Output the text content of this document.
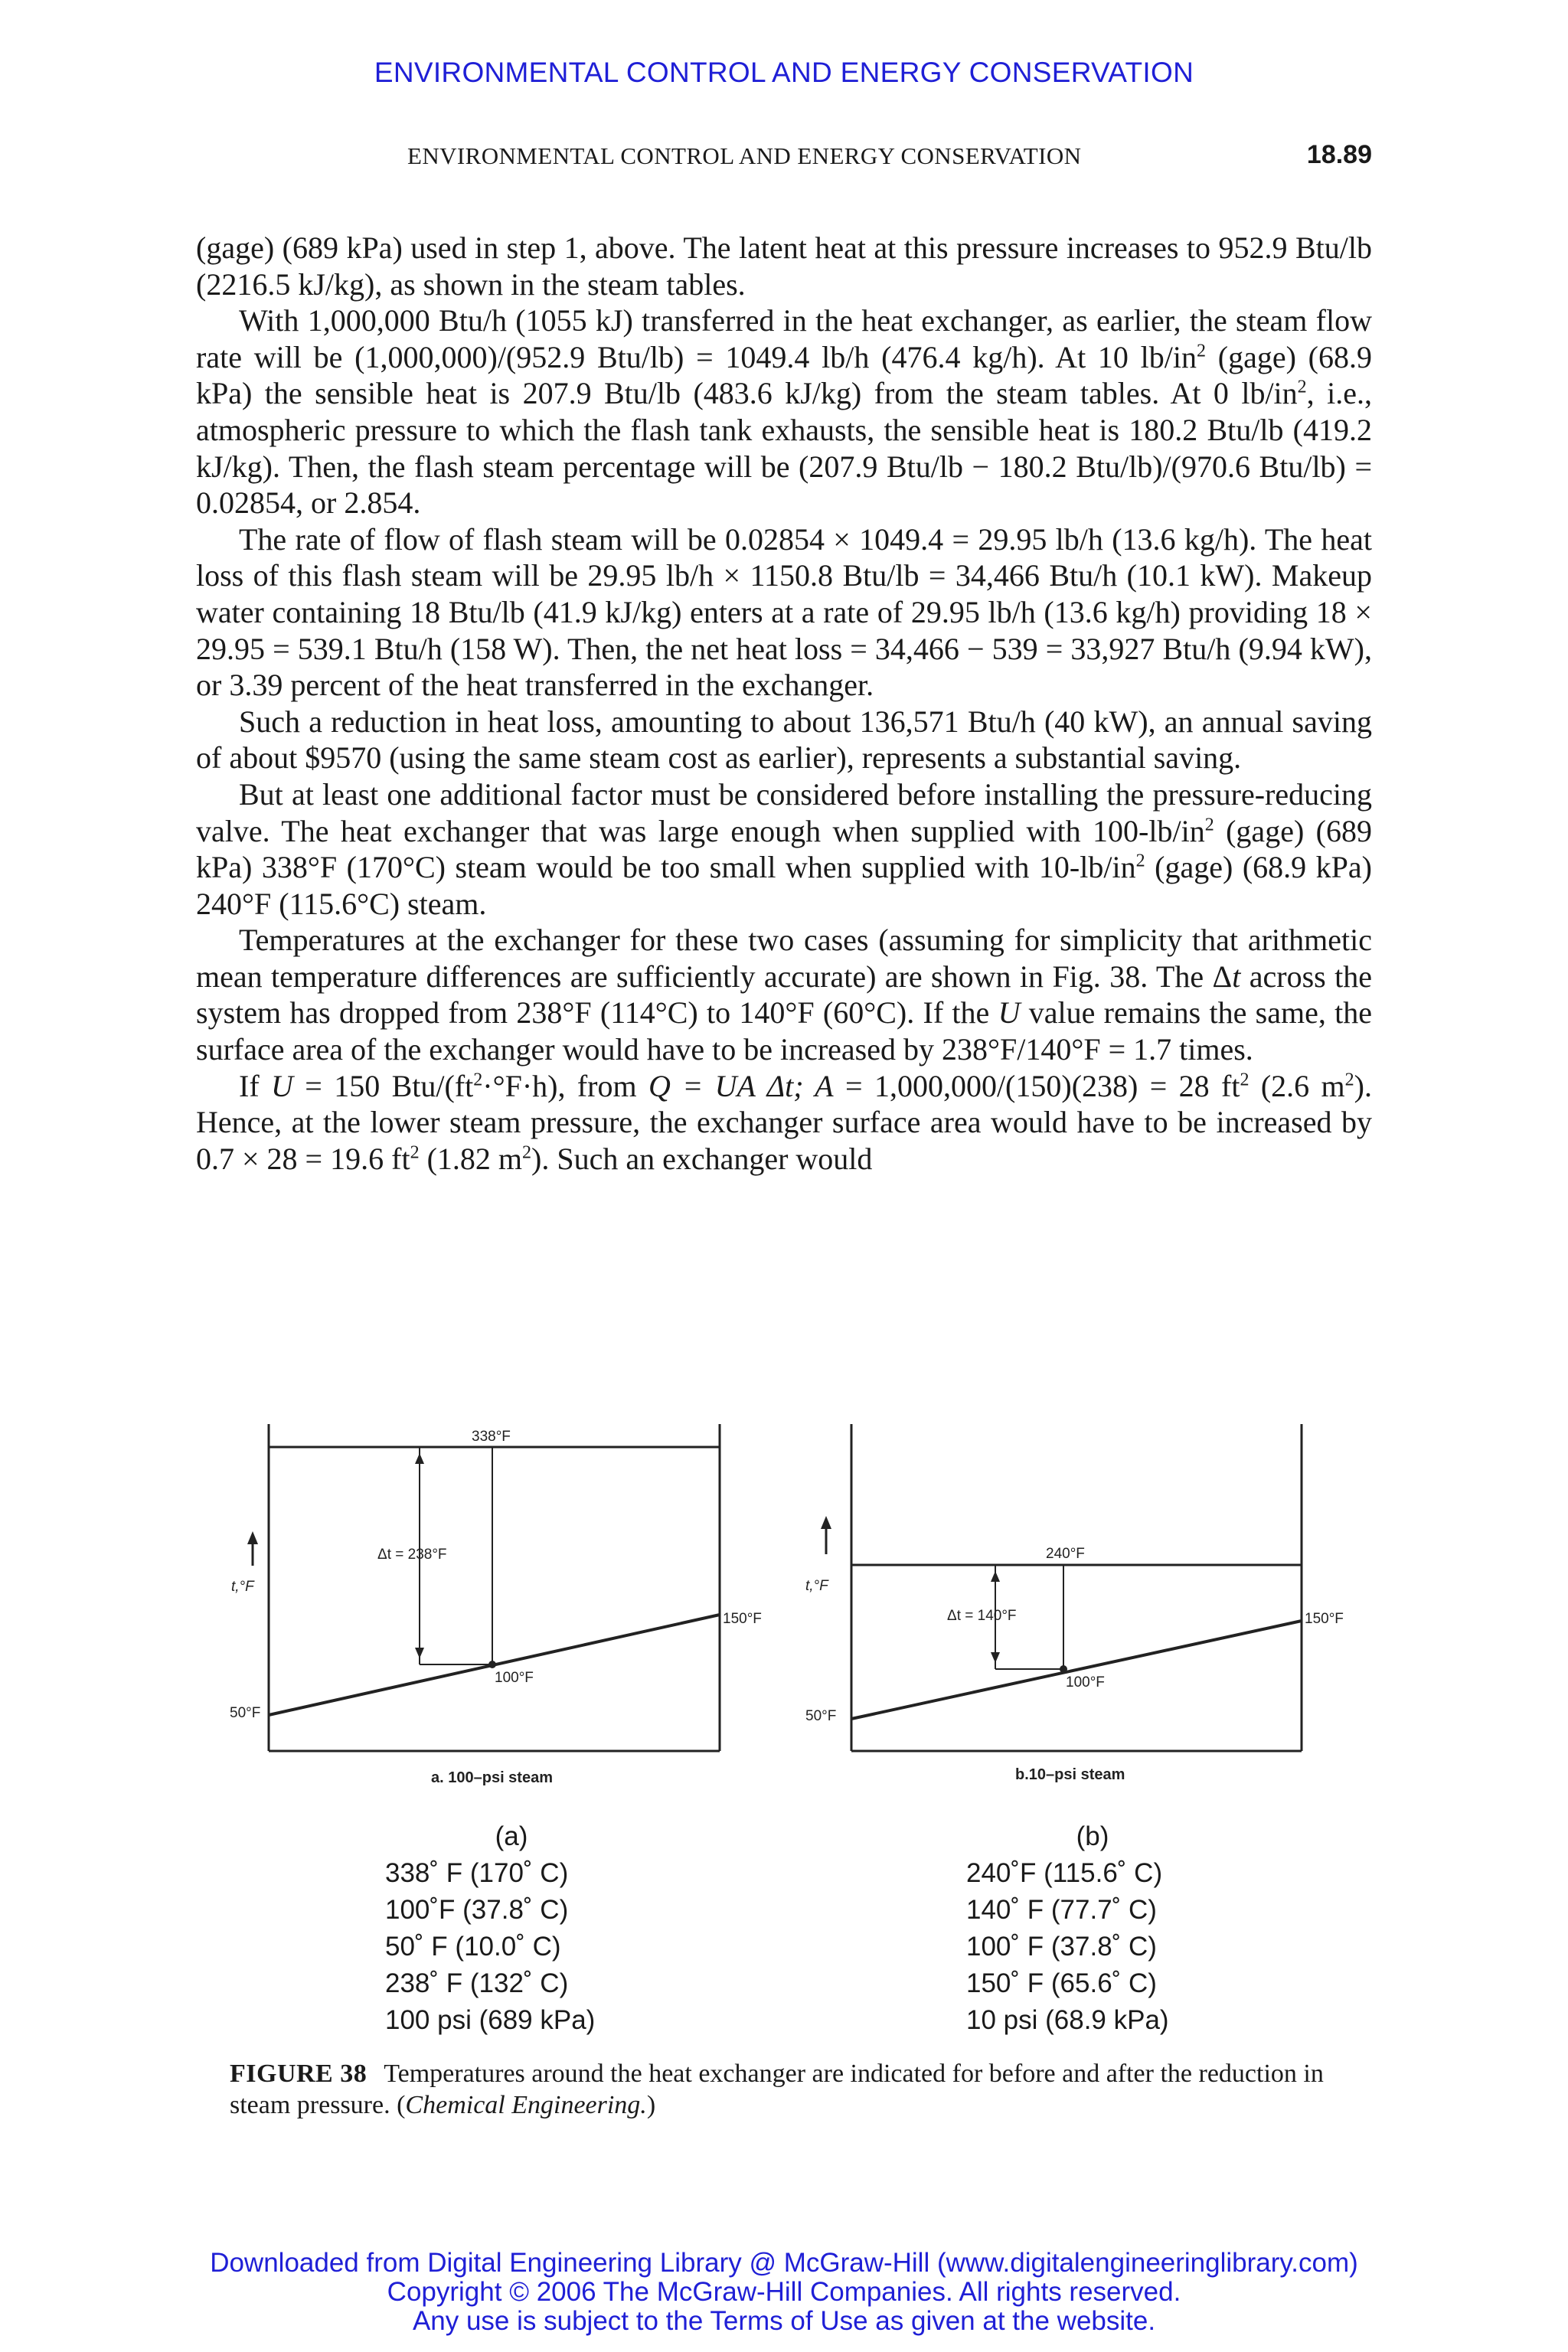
ENVIRONMENTAL CONTROL AND ENERGY CONSERVATION
ENVIRONMENTAL CONTROL AND ENERGY CONSERVATION	18.89

(gage) (689 kPa) used in step 1, above. The latent heat at this pressure increases to 952.9 Btu/lb (2216.5 kJ/kg), as shown in the steam tables.

With 1,000,000 Btu/h (1055 kJ) transferred in the heat exchanger, as earlier, the steam flow rate will be (1,000,000)/(952.9 Btu/lb) = 1049.4 lb/h (476.4 kg/h). At 10 $lb/in^2$ (gage) (68.9 kPa) the sensible heat is 207.9 Btu/lb (483.6 kJ/kg) from the steam tables. At 0 $lb/in^2$, i.e., atmospheric pressure to which the flash tank exhausts, the sensible heat is 180.2 Btu/lb (419.2 kJ/kg). Then, the flash steam percentage will be (207.9 Btu/lb − 180.2 Btu/lb)/(970.6 Btu/lb) = 0.02854, or 2.854.

The rate of flow of flash steam will be 0.02854 × 1049.4 = 29.95 lb/h (13.6 kg/h). The heat loss of this flash steam will be 29.95 lb/h × 1150.8 Btu/lb = 34,466 Btu/h (10.1 kW). Makeup water containing 18 Btu/lb (41.9 kJ/kg) enters at a rate of 29.95 lb/h (13.6 kg/h) providing 18 × 29.95 = 539.1 Btu/h (158 W). Then, the net heat loss = 34,466 − 539 = 33,927 Btu/h (9.94 kW), or 3.39 percent of the heat transferred in the exchanger.

Such a reduction in heat loss, amounting to about 136,571 Btu/h (40 kW), an annual saving of about $9570 (using the same steam cost as earlier), represents a substantial saving.

But at least one additional factor must be considered before installing the pressure-reducing valve. The heat exchanger that was large enough when supplied with $100-lb/in^2$ (gage) (689 kPa) 338°F (170°C) steam would be too small when supplied with $10-lb/in^2$ (gage) (68.9 kPa) 240°F (115.6°C) steam.

Temperatures at the exchanger for these two cases (assuming for simplicity that arithmetic mean temperature differences are sufficiently accurate) are shown in Fig. 38. The Δt across the system has dropped from 238°F (114°C) to 140°F (60°C). If the U value remains the same, the surface area of the exchanger would have to be increased by 238°F/140°F = 1.7 times.

If U = 150 Btu/$(ft^2\cdot^\circ F\cdot h)$, from Q = UA Δt; A = 1,000,000/(150)(238) = 28 $ft^2$ (2.6 $m^2$). Hence, at the lower steam pressure, the exchanger surface area would have to be increased by 0.7 × 28 = 19.6 $ft^2$ (1.82 $m^2$). Such an exchanger would

338°F
Δt = 238°F
t,°F
150°F
100°F
50°F
a. 100–psi steam
240°F
Δt = 140°F
t,°F
150°F
100°F
50°F
b.10–psi steam
(a)
338˚ F (170˚ C)
100˚F (37.8˚ C)
50˚ F (10.0˚ C)
238˚ F (132˚ C)
100 psi (689 kPa)
(b)
240˚F (115.6˚ C)
140˚ F (77.7˚ C)
100˚ F (37.8˚ C)
150˚ F (65.6˚ C)
10 psi (68.9 kPa)
FIGURE 38 Temperatures around the heat exchanger are indicated for before and after the reduction in steam pressure. (Chemical Engineering.)
Downloaded from Digital Engineering Library @ McGraw-Hill (www.digitalengineeringlibrary.com)
Copyright © 2006 The McGraw-Hill Companies. All rights reserved.
Any use is subject to the Terms of Use as given at the website.
